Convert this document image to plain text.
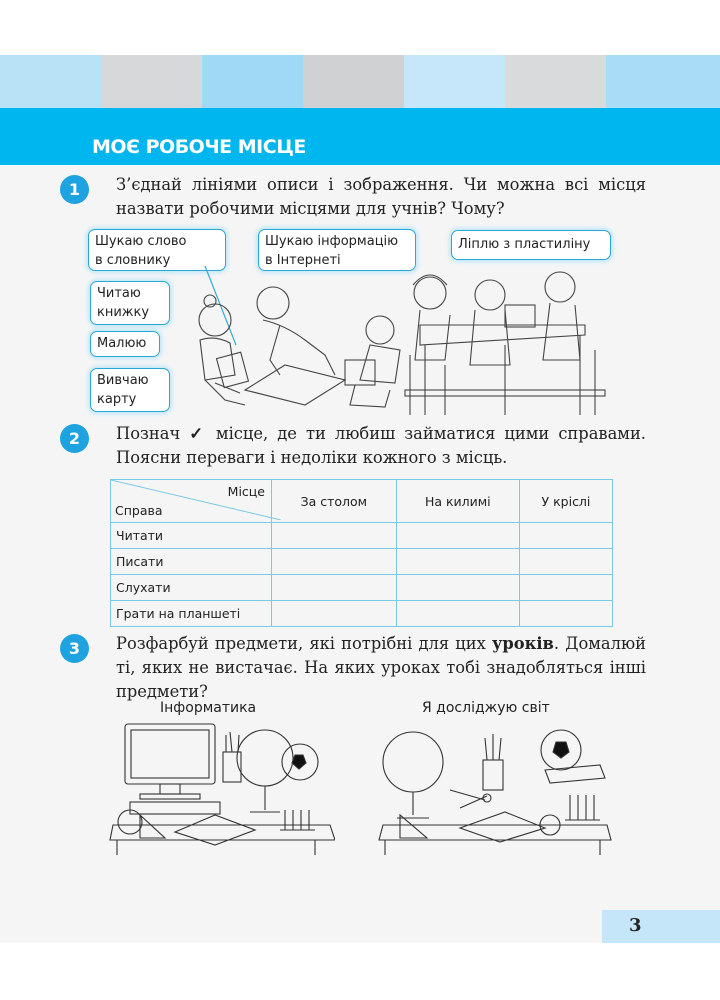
МОЄ РОБОЧЕ МІСЦЕ
1	З’єднай лініями описи і зображення. Чи можна всі місця назвати робочими місцями для учнів? Чому?
Шукаю слово
в словнику
Шукаю інформацію
в Інтернеті
Ліплю з пластиліну
Читаю
книжку
Малюю
Вивчаю
карту
2	Познач ✓ місце, де ти любиш займатися цими справами. Поясни переваги і недоліки кожного з місць.
Місце
Справа	За столом	На килимі	У кріслі
Читати			
Писати			
Слухати			
Грати на планшеті			
3	Розфарбуй предмети, які потрібні для цих уроків. Домалюй ті, яких не вистачає. На яких уроках тобі знадобляться інші предмети?
Інформатика	Я досліджую світ
3
